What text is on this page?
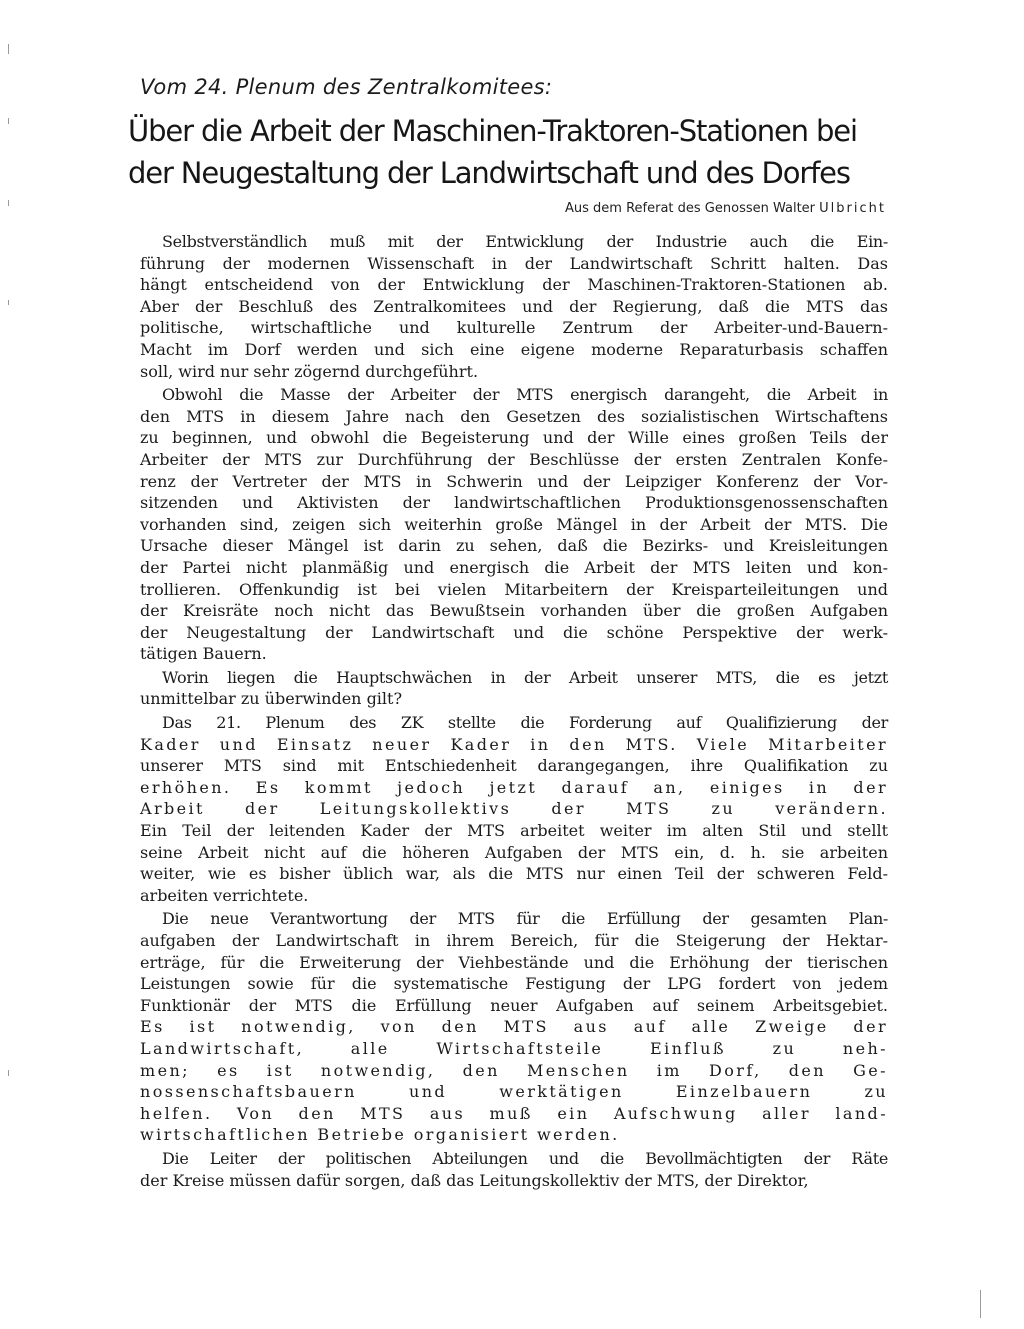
Vom 24. Plenum des Zentralkomitees:
Über die Arbeit der Maschinen-Traktoren-Stationen bei
der Neugestaltung der Landwirtschaft und des Dorfes
Aus dem Referat des Genossen Walter Ulbricht
Selbstverständlich muß mit der Entwicklung der Industrie auch die Ein-
führung der modernen Wissenschaft in der Landwirtschaft Schritt halten. Das
hängt entscheidend von der Entwicklung der Maschinen-Traktoren-Stationen ab.
Aber der Beschluß des Zentralkomitees und der Regierung, daß die MTS das
politische, wirtschaftliche und kulturelle Zentrum der Arbeiter-und-Bauern-
Macht im Dorf werden und sich eine eigene moderne Reparaturbasis schaffen
soll, wird nur sehr zögernd durchgeführt.
Obwohl die Masse der Arbeiter der MTS energisch darangeht, die Arbeit in
den MTS in diesem Jahre nach den Gesetzen des sozialistischen Wirtschaftens
zu beginnen, und obwohl die Begeisterung und der Wille eines großen Teils der
Arbeiter der MTS zur Durchführung der Beschlüsse der ersten Zentralen Konfe-
renz der Vertreter der MTS in Schwerin und der Leipziger Konferenz der Vor-
sitzenden und Aktivisten der landwirtschaftlichen Produktionsgenossenschaften
vorhanden sind, zeigen sich weiterhin große Mängel in der Arbeit der MTS. Die
Ursache dieser Mängel ist darin zu sehen, daß die Bezirks- und Kreisleitungen
der Partei nicht planmäßig und energisch die Arbeit der MTS leiten und kon-
trollieren. Offenkundig ist bei vielen Mitarbeitern der Kreisparteileitungen und
der Kreisräte noch nicht das Bewußtsein vorhanden über die großen Aufgaben
der Neugestaltung der Landwirtschaft und die schöne Perspektive der werk-
tätigen Bauern.
Worin liegen die Hauptschwächen in der Arbeit unserer MTS, die es jetzt
unmittelbar zu überwinden gilt?
Das 21. Plenum des ZK stellte die Forderung auf Qualifizierung der
Kader und Einsatz neuer Kader in den MTS. Viele Mitarbeiter
unserer MTS sind mit Entschiedenheit darangegangen, ihre Qualifikation zu
erhöhen. Es kommt jedoch jetzt darauf an, einiges in der
Arbeit der Leitungskollektivs der MTS zu verändern.
Ein Teil der leitenden Kader der MTS arbeitet weiter im alten Stil und stellt
seine Arbeit nicht auf die höheren Aufgaben der MTS ein, d. h. sie arbeiten
weiter, wie es bisher üblich war, als die MTS nur einen Teil der schweren Feld-
arbeiten verrichtete.
Die neue Verantwortung der MTS für die Erfüllung der gesamten Plan-
aufgaben der Landwirtschaft in ihrem Bereich, für die Steigerung der Hektar-
erträge, für die Erweiterung der Viehbestände und die Erhöhung der tierischen
Leistungen sowie für die systematische Festigung der LPG fordert von jedem
Funktionär der MTS die Erfüllung neuer Aufgaben auf seinem Arbeitsgebiet.
Es ist notwendig, von den MTS aus auf alle Zweige der
Landwirtschaft, alle Wirtschaftsteile Einfluß zu neh-
men; es ist notwendig, den Menschen im Dorf, den Ge-
nossenschaftsbauern und werktätigen Einzelbauern zu
helfen. Von den MTS aus muß ein Aufschwung aller land-
wirtschaftlichen Betriebe organisiert werden.
Die Leiter der politischen Abteilungen und die Bevollmächtigten der Räte
der Kreise müssen dafür sorgen, daß das Leitungskollektiv der MTS, der Direktor,
